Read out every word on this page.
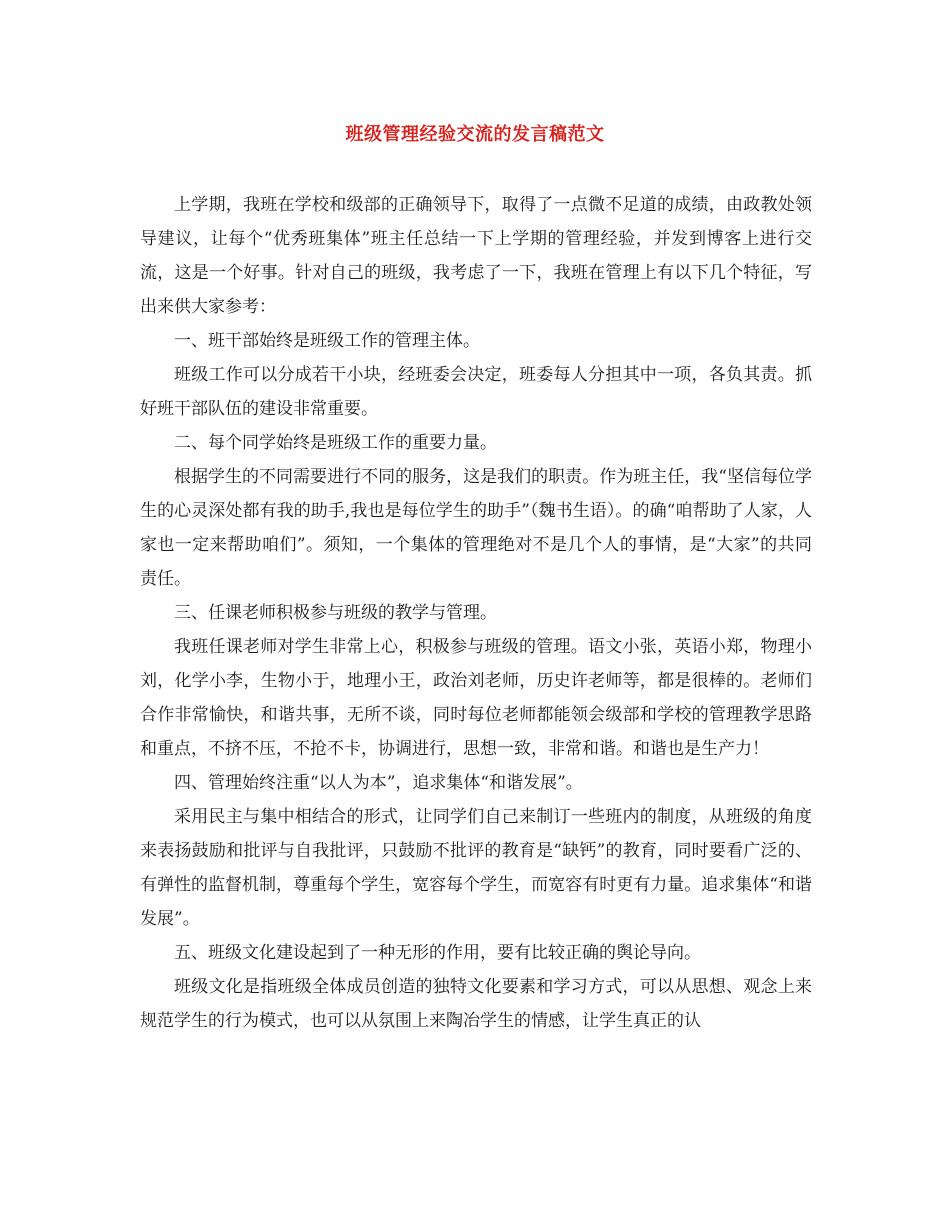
班级管理经验交流的发言稿范文

上学期，我班在学校和级部的正确领导下，取得了一点微不足道的成绩，由政教处领导建议，让每个“优秀班集体”班主任总结一下上学期的管理经验，并发到博客上进行交流，这是一个好事。针对自己的班级，我考虑了一下，我班在管理上有以下几个特征，写出来供大家参考：

一、班干部始终是班级工作的管理主体。

班级工作可以分成若干小块，经班委会决定，班委每人分担其中一项，各负其责。抓好班干部队伍的建设非常重要。

二、每个同学始终是班级工作的重要力量。

根据学生的不同需要进行不同的服务，这是我们的职责。作为班主任，我“坚信每位学生的心灵深处都有我的助手,我也是每位学生的助手”（魏书生语）。的确“咱帮助了人家，人家也一定来帮助咱们”。须知，一个集体的管理绝对不是几个人的事情，是“大家”的共同责任。

三、任课老师积极参与班级的教学与管理。

我班任课老师对学生非常上心，积极参与班级的管理。语文小张，英语小郑，物理小刘，化学小李，生物小于，地理小王，政治刘老师，历史许老师等，都是很棒的。老师们合作非常愉快，和谐共事，无所不谈，同时每位老师都能领会级部和学校的管理教学思路和重点，不挤不压，不抢不卡，协调进行，思想一致，非常和谐。和谐也是生产力！

四、管理始终注重“以人为本”，追求集体“和谐发展”。

采用民主与集中相结合的形式，让同学们自己来制订一些班内的制度，从班级的角度来表扬鼓励和批评与自我批评，只鼓励不批评的教育是“缺钙”的教育，同时要看广泛的、有弹性的监督机制，尊重每个学生，宽容每个学生，而宽容有时更有力量。追求集体“和谐发展”。

五、班级文化建设起到了一种无形的作用，要有比较正确的舆论导向。

班级文化是指班级全体成员创造的独特文化要素和学习方式，可以从思想、观念上来规范学生的行为模式，也可以从氛围上来陶冶学生的情感，让学生真正的认
